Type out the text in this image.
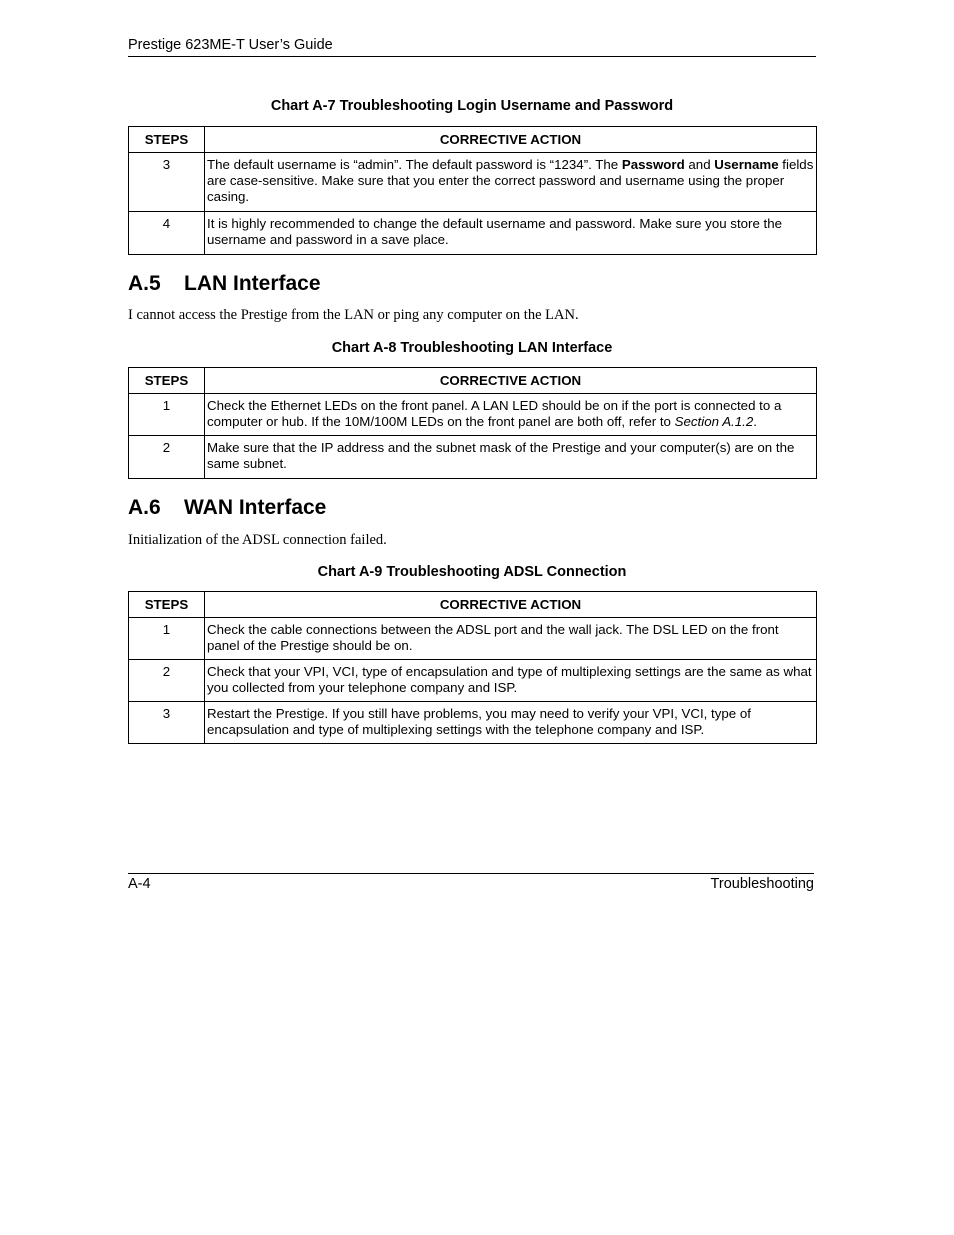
Prestige 623ME-T User’s Guide
Chart A-7 Troubleshooting Login Username and Password
STEPS	CORRECTIVE ACTION
3	The default username is “admin”. The default password is “1234”. The Password and Username fields are case-sensitive. Make sure that you enter the correct password and username using the proper casing.
4	It is highly recommended to change the default username and password. Make sure you store the username and password in a save place.
A.5 LAN Interface
I cannot access the Prestige from the LAN or ping any computer on the LAN.
Chart A-8 Troubleshooting LAN Interface
STEPS	CORRECTIVE ACTION
1	Check the Ethernet LEDs on the front panel. A LAN LED should be on if the port is connected to a computer or hub. If the 10M/100M LEDs on the front panel are both off, refer to Section A.1.2.
2	Make sure that the IP address and the subnet mask of the Prestige and your computer(s) are on the same subnet.
A.6 WAN Interface
Initialization of the ADSL connection failed.
Chart A-9 Troubleshooting ADSL Connection
STEPS	CORRECTIVE ACTION
1	Check the cable connections between the ADSL port and the wall jack. The DSL LED on the front panel of the Prestige should be on.
2	Check that your VPI, VCI, type of encapsulation and type of multiplexing settings are the same as what you collected from your telephone company and ISP.
3	Restart the Prestige. If you still have problems, you may need to verify your VPI, VCI, type of encapsulation and type of multiplexing settings with the telephone company and ISP.
A-4	Troubleshooting
